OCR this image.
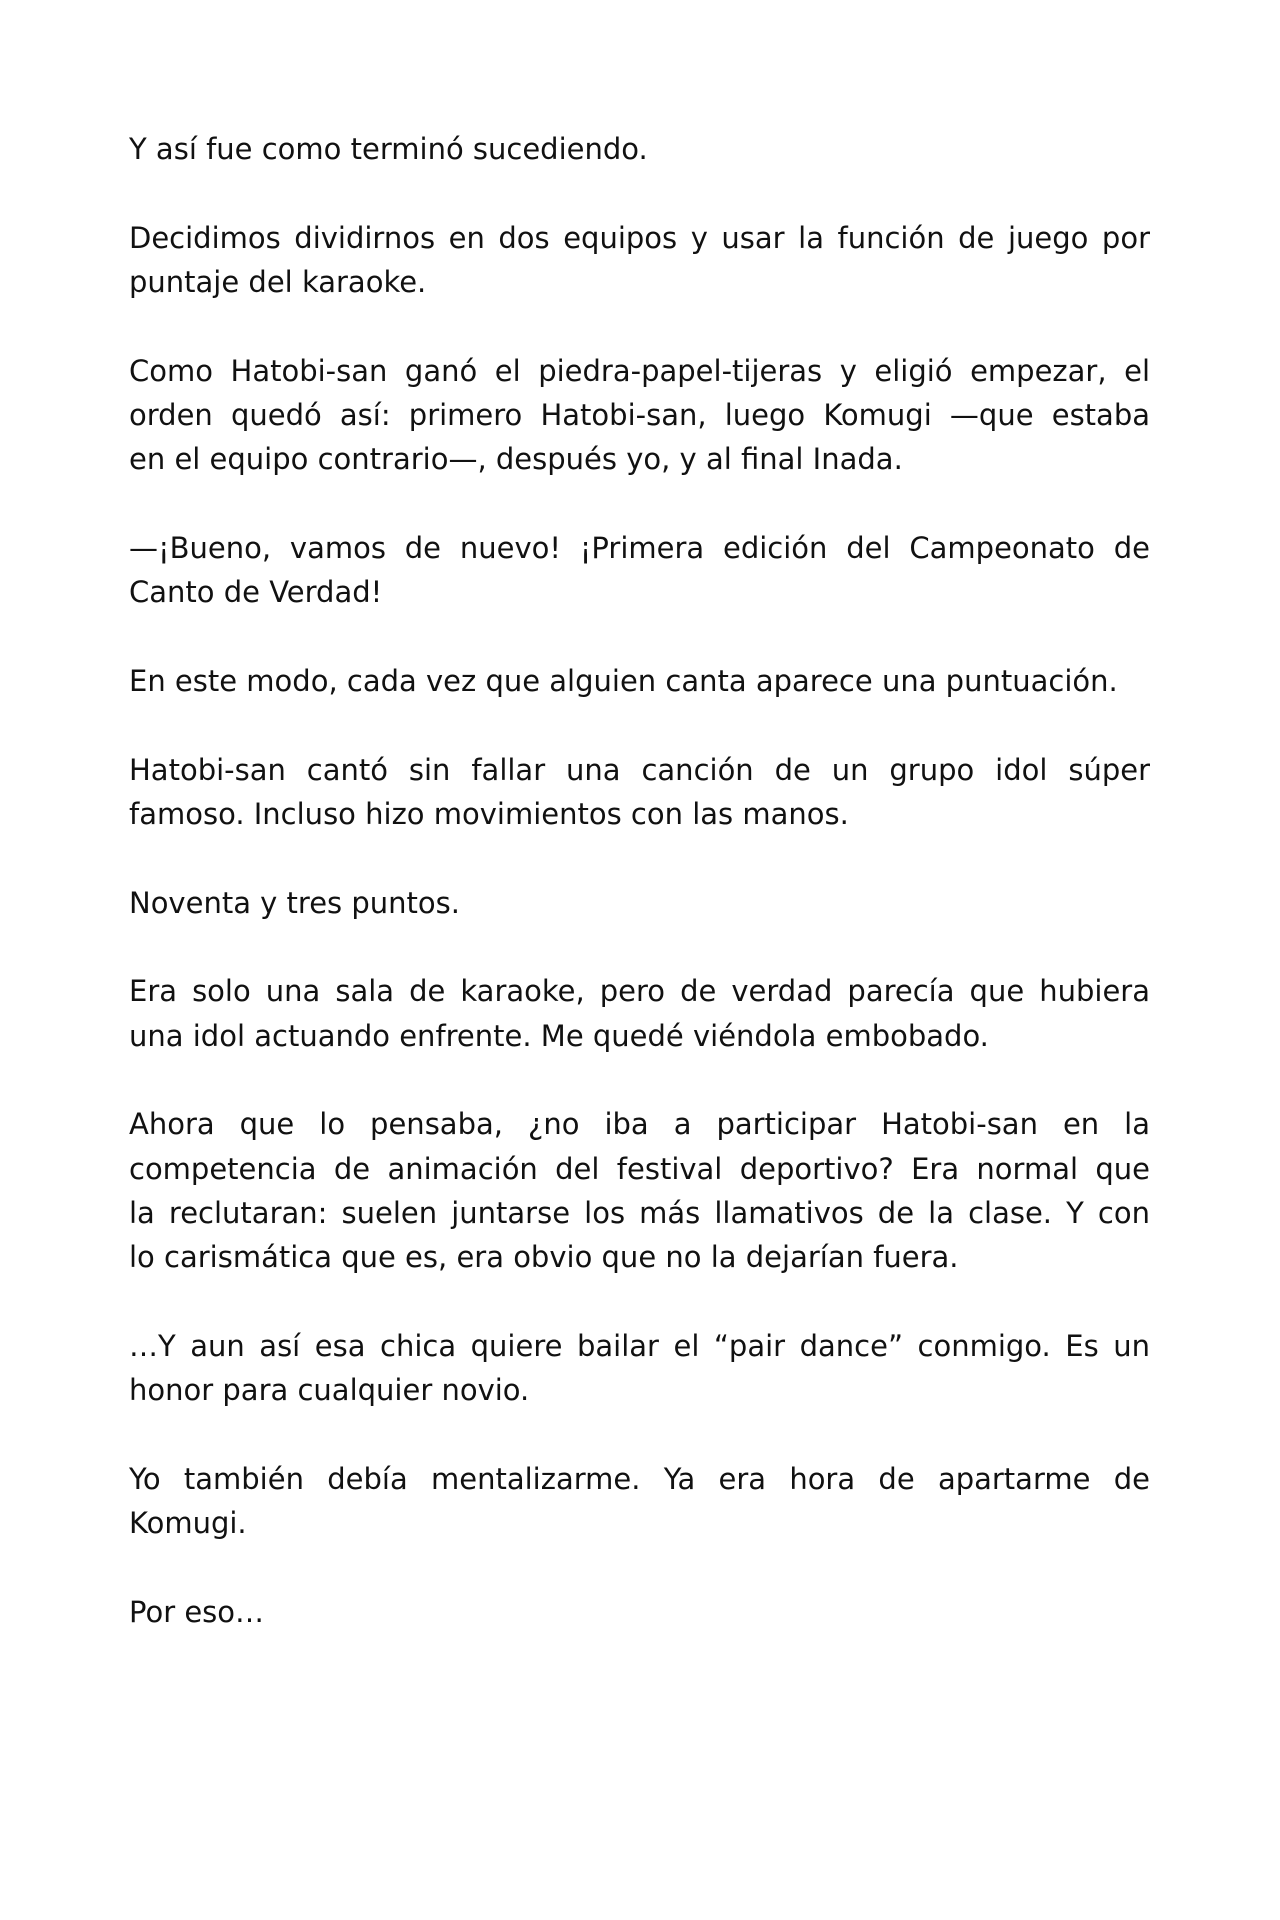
Y así fue como terminó sucediendo.

Decidimos dividirnos en dos equipos y usar la función de juego por
puntaje del karaoke.

Como Hatobi-san ganó el piedra-papel-tijeras y eligió empezar, el
orden quedó así: primero Hatobi-san, luego Komugi —que estaba
en el equipo contrario—, después yo, y al final Inada.

—¡Bueno, vamos de nuevo! ¡Primera edición del Campeonato de
Canto de Verdad!

En este modo, cada vez que alguien canta aparece una puntuación.

Hatobi-san cantó sin fallar una canción de un grupo idol súper
famoso. Incluso hizo movimientos con las manos.

Noventa y tres puntos.

Era solo una sala de karaoke, pero de verdad parecía que hubiera
una idol actuando enfrente. Me quedé viéndola embobado.

Ahora que lo pensaba, ¿no iba a participar Hatobi-san en la
competencia de animación del festival deportivo? Era normal que
la reclutaran: suelen juntarse los más llamativos de la clase. Y con
lo carismática que es, era obvio que no la dejarían fuera.

…Y aun así esa chica quiere bailar el “pair dance” conmigo. Es un
honor para cualquier novio.

Yo también debía mentalizarme. Ya era hora de apartarme de
Komugi.

Por eso…
